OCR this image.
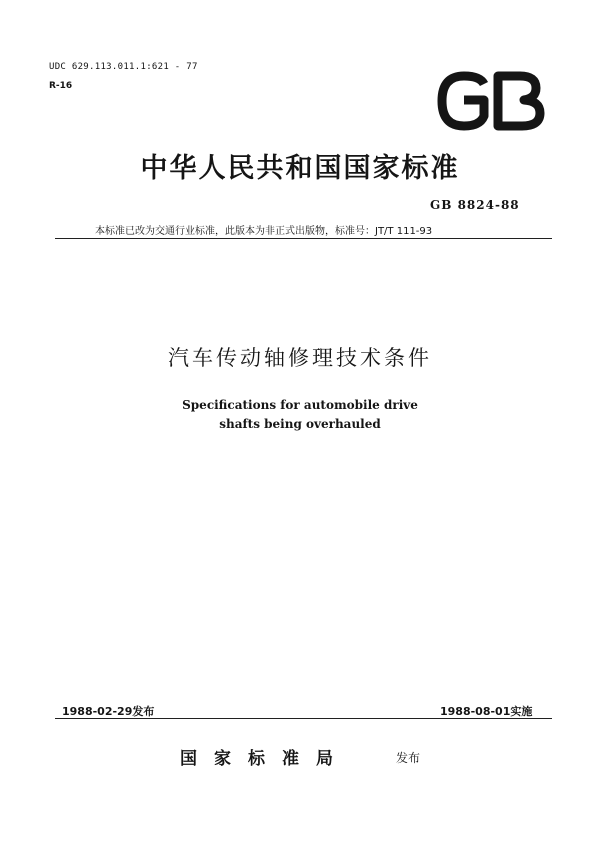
UDC 629.113.011.1:621 - 77
R-16
GB
中华人民共和国国家标准
GB 8824-88
本标准已改为交通行业标准，此版本为非正式出版物，标准号：JT/T 111-93
汽车传动轴修理技术条件
Specifications for automobile drive
shafts being overhauled
1988-02-29发布	1988-08-01实施
国家标准局	发布
